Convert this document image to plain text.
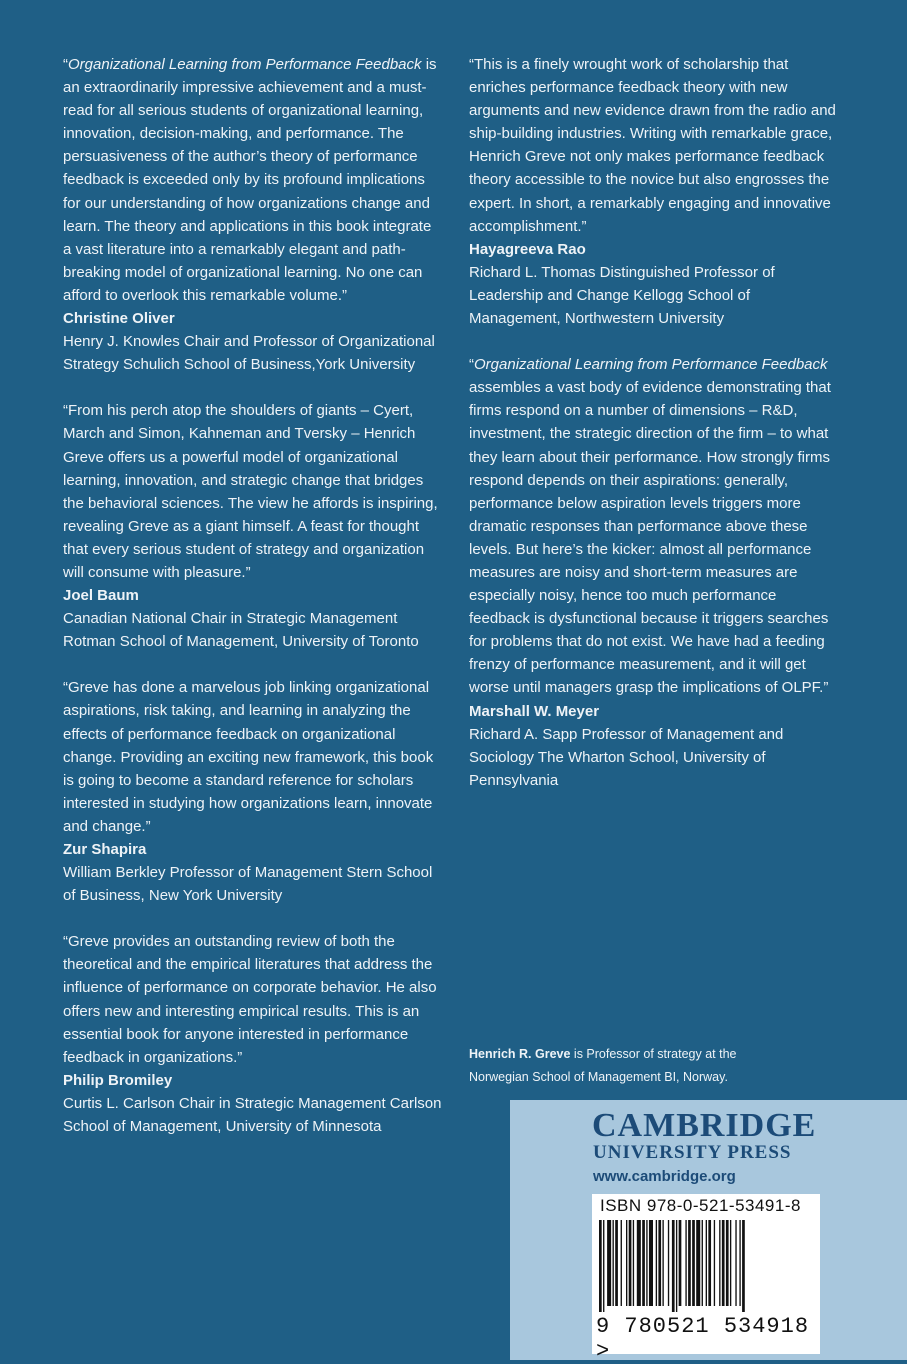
“Organizational Learning from Performance Feedback is an extraordinarily impressive achievement and a must-read for all serious students of organizational learning, innovation, decision-making, and performance. The persuasiveness of the author’s theory of performance feedback is exceeded only by its profound implications for our understanding of how organizations change and learn. The theory and applications in this book integrate a vast literature into a remarkably elegant and path-breaking model of organizational learning. No one can afford to overlook this remarkable volume.”

Christine Oliver
Henry J. Knowles Chair and Professor of Organizational Strategy Schulich School of Business,York University
“From his perch atop the shoulders of giants – Cyert, March and Simon, Kahneman and Tversky – Henrich Greve offers us a powerful model of organizational learning, innovation, and strategic change that bridges the behavioral sciences. The view he affords is inspiring, revealing Greve as a giant himself. A feast for thought that every serious student of strategy and organization will consume with pleasure.”
Joel Baum
Canadian National Chair in Strategic Management Rotman School of Management, University of Toronto
“Greve has done a marvelous job linking organizational aspirations, risk taking, and learning in analyzing the effects of performance feedback on organizational change. Providing an exciting new framework, this book is going to become a standard reference for scholars interested in studying how organizations learn, innovate and change.”
Zur Shapira
William Berkley Professor of Management Stern School of Business, New York University
“Greve provides an outstanding review of both the theoretical and the empirical literatures that address the influence of performance on corporate behavior. He also offers new and interesting empirical results. This is an essential book for anyone interested in performance feedback in organizations.”
Philip Bromiley
Curtis L. Carlson Chair in Strategic Management Carlson School of Management, University of Minnesota
“This is a finely wrought work of scholarship that enriches performance feedback theory with new arguments and new evidence drawn from the radio and ship-building industries. Writing with remarkable grace, Henrich Greve not only makes performance feedback theory accessible to the novice but also engrosses the expert. In short, a remarkably engaging and innovative accomplishment.”
Hayagreeva Rao
Richard L. Thomas Distinguished Professor of Leadership and Change Kellogg School of Management, Northwestern University

“Organizational Learning from Performance Feedback assembles a vast body of evidence demonstrating that firms respond on a number of dimensions – R&D, investment, the strategic direction of the firm – to what they learn about their performance. How strongly firms respond depends on their aspirations: generally, performance below aspiration levels triggers more dramatic responses than performance above these levels. But here’s the kicker: almost all performance measures are noisy and short-term measures are especially noisy, hence too much performance feedback is dysfunctional because it triggers searches for problems that do not exist. We have had a feeding frenzy of performance measurement, and it will get worse until managers grasp the implications of OLPF.”

Marshall W. Meyer
Richard A. Sapp Professor of Management and Sociology The Wharton School, University of Pennsylvania
Henrich R. Greve is Professor of strategy at the Norwegian School of Management BI, Norway.
CAMBRIDGE
UNIVERSITY PRESS
www.cambridge.org
ISBN 978-0-521-53491-8
9 780521 534918 >
